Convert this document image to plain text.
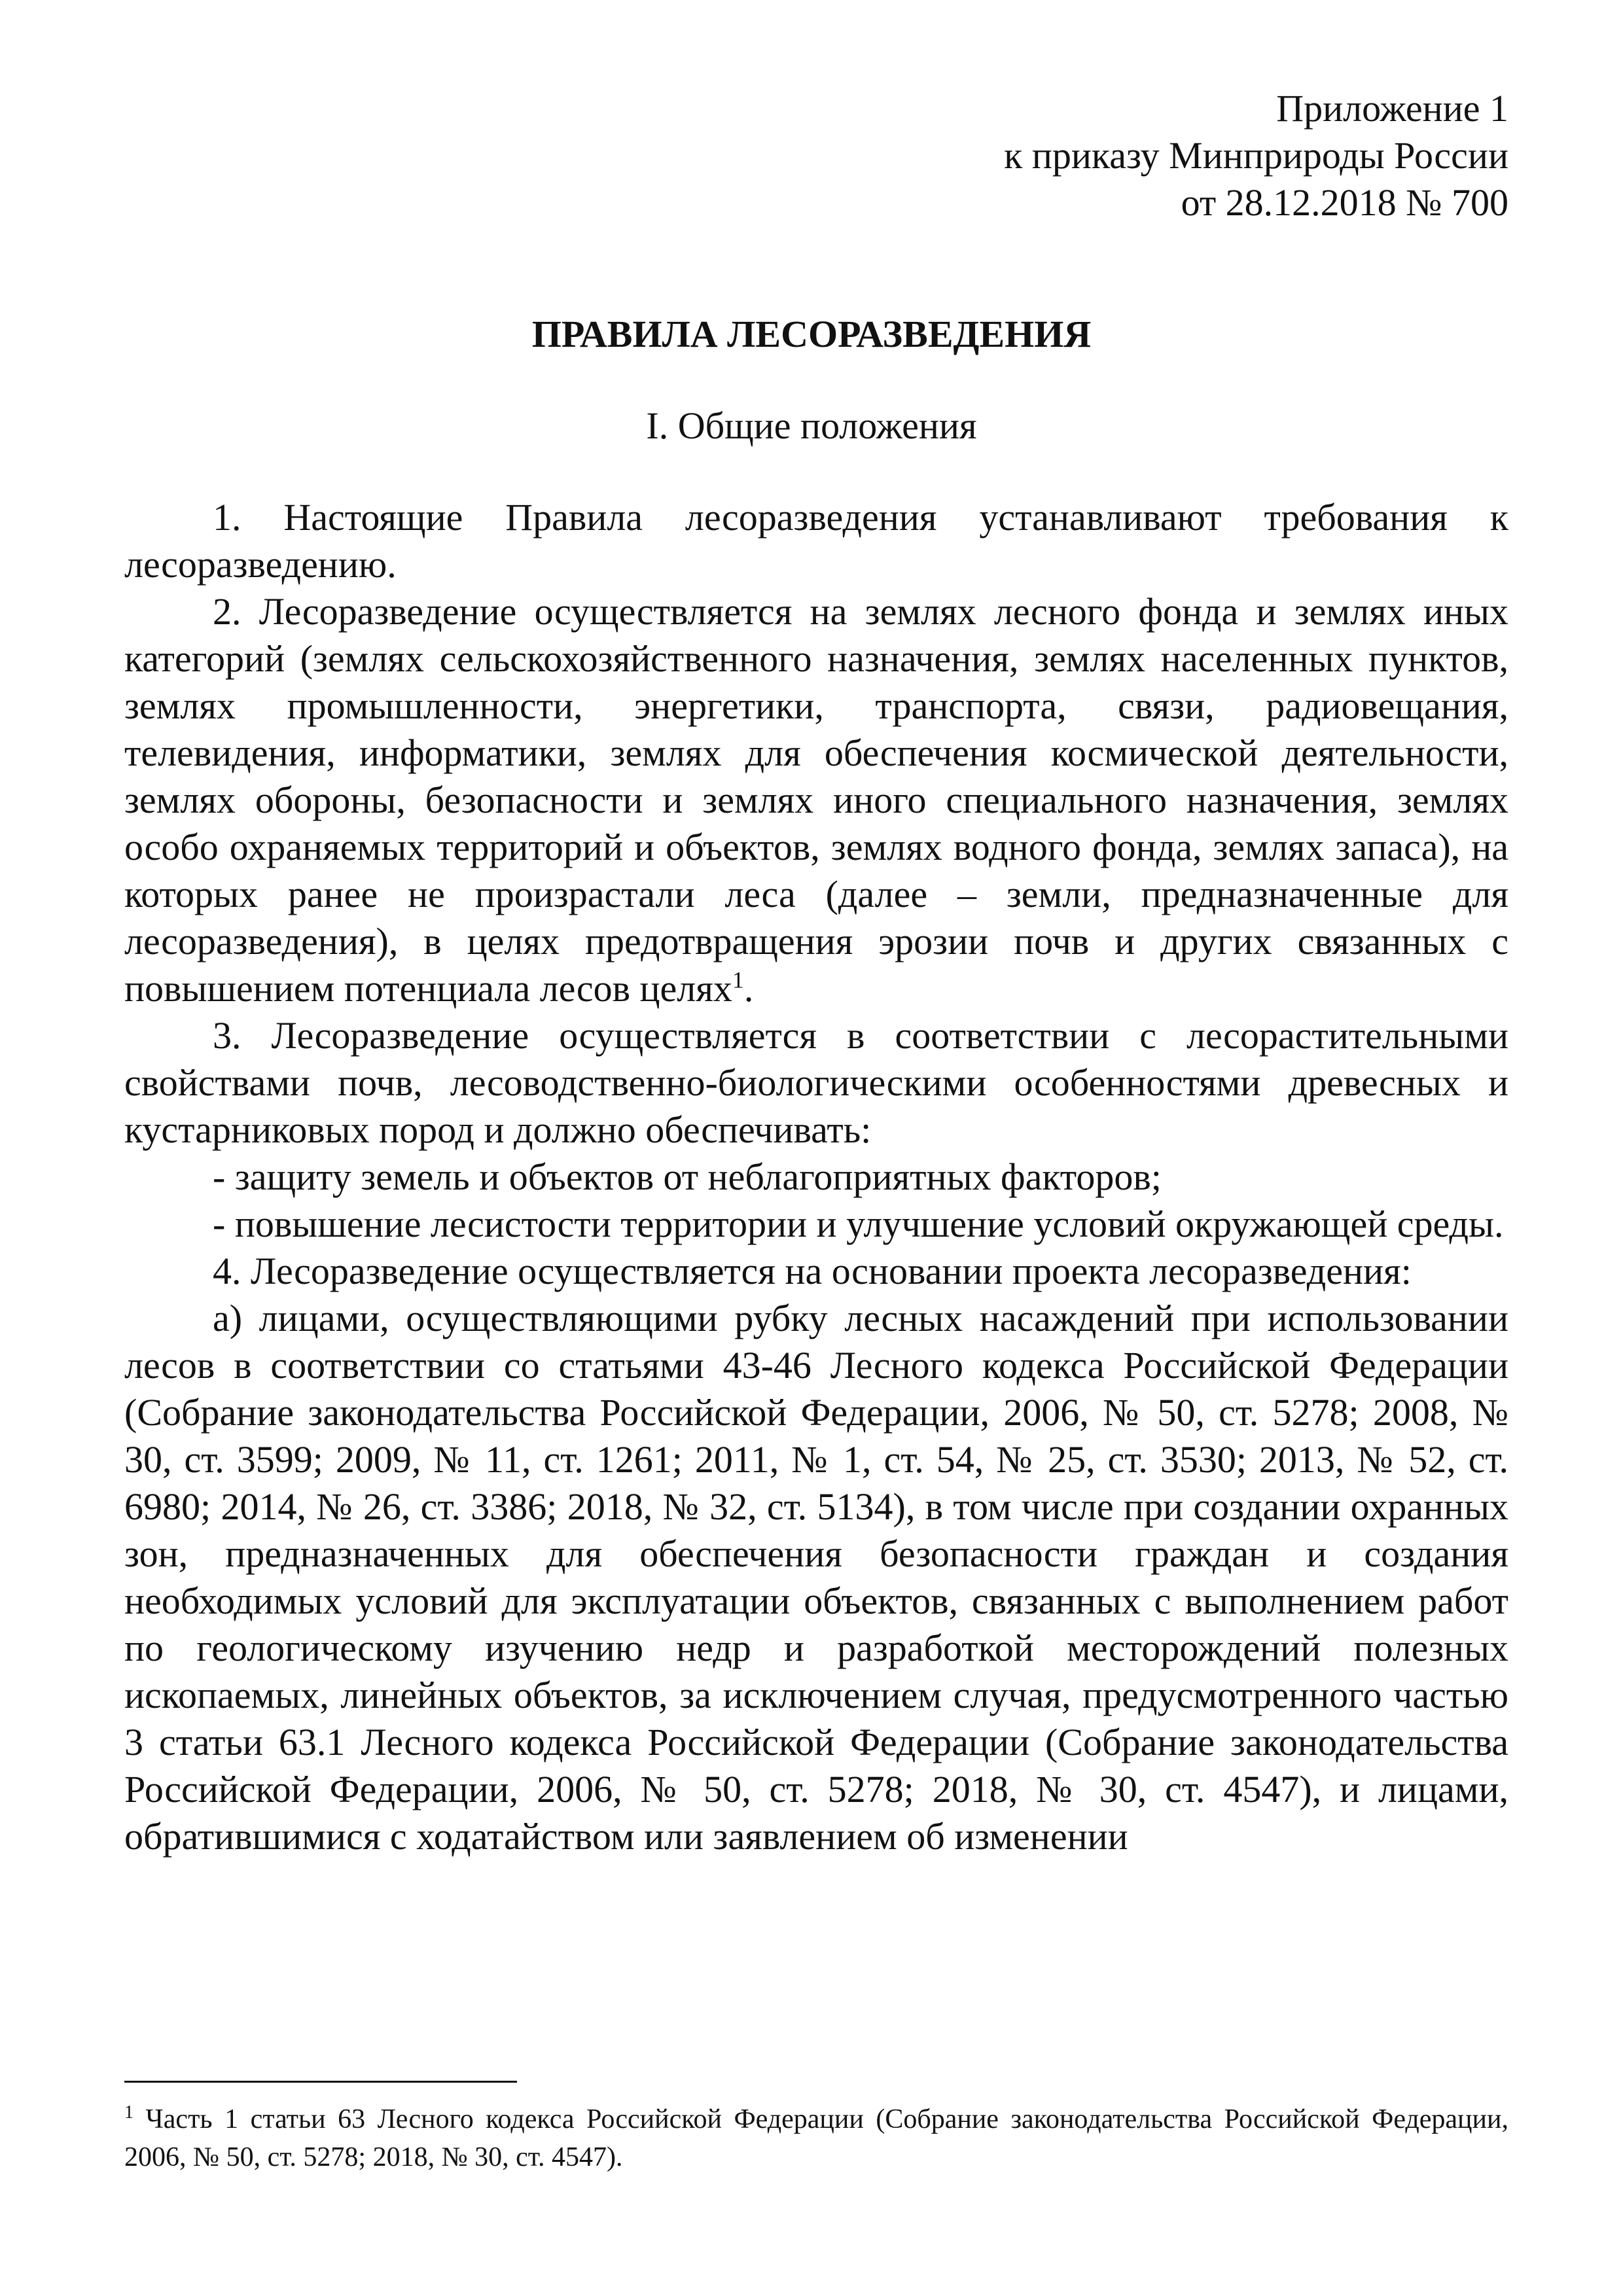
Приложение 1
к приказу Минприроды России
от 28.12.2018 № 700
ПРАВИЛА ЛЕСОРАЗВЕДЕНИЯ
I. Общие положения

1. Настоящие Правила лесоразведения устанавливают требования к лесоразведению.

2. Лесоразведение осуществляется на землях лесного фонда и землях иных категорий (землях сельскохозяйственного назначения, землях населенных пунктов, землях промышленности, энергетики, транспорта, связи, радиовещания, телевидения, информатики, землях для обеспечения космической деятельности, землях обороны, безопасности и землях иного специального назначения, землях особо охраняемых территорий и объектов, землях водного фонда, землях запаса), на которых ранее не произрастали леса (далее – земли, предназначенные для лесоразведения), в целях предотвращения эрозии почв и других связанных с повышением потенциала лесов целях$^1$.

3. Лесоразведение осуществляется в соответствии с лесорастительными свойствами почв, лесоводственно-биологическими особенностями древесных и кустарниковых пород и должно обеспечивать:

- защиту земель и объектов от неблагоприятных факторов;

- повышение лесистости территории и улучшение условий окружающей среды.

4. Лесоразведение осуществляется на основании проекта лесоразведения:

а) лицами, осуществляющими рубку лесных насаждений при использовании лесов в соответствии со статьями 43-46 Лесного кодекса Российской Федерации (Собрание законодательства Российской Федерации, 2006, № 50, ст. 5278; 2008, № 30, ст. 3599; 2009, № 11, ст. 1261; 2011, № 1, ст. 54, № 25, ст. 3530; 2013, № 52, ст. 6980; 2014, № 26, ст. 3386; 2018, № 32, ст. 5134), в том числе при создании охранных зон, предназначенных для обеспечения безопасности граждан и создания необходимых условий для эксплуатации объектов, связанных с выполнением работ по геологическому изучению недр и разработкой месторождений полезных ископаемых, линейных объектов, за исключением случая, предусмотренного частью 3 статьи 63.1 Лесного кодекса Российской Федерации (Собрание законодательства Российской Федерации, 2006, № 50, ст. 5278; 2018, № 30, ст. 4547), и лицами, обратившимися с ходатайством или заявлением об изменении

$^1$ Часть 1 статьи 63 Лесного кодекса Российской Федерации (Собрание законодательства Российской Федерации, 2006, № 50, ст. 5278; 2018, № 30, ст. 4547).
